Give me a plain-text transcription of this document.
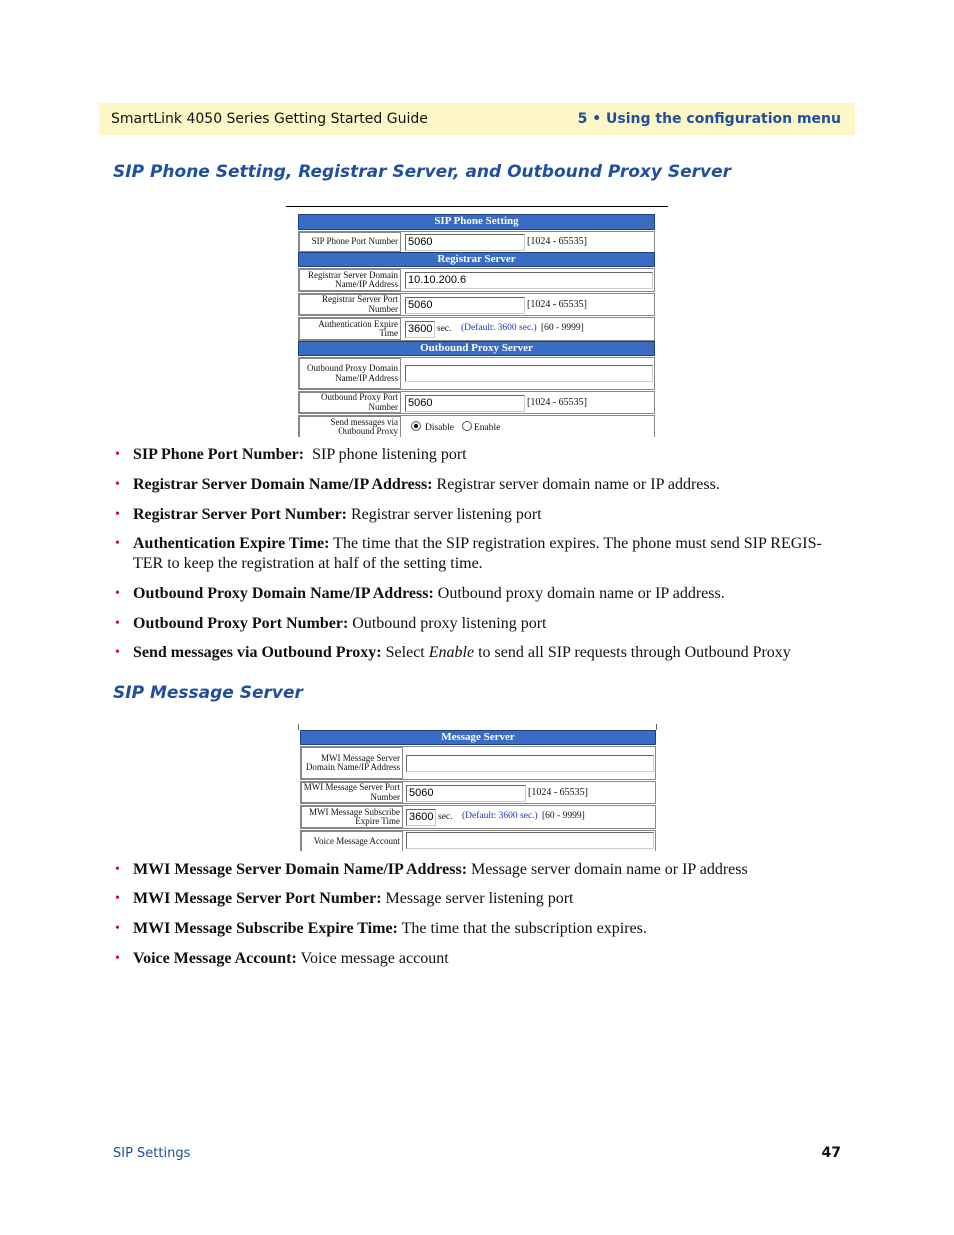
SmartLink 4050 Series Getting Started Guide	5 • Using the configuration menu
SIP Phone Setting, Registrar Server, and Outbound Proxy Server
SIP Phone Setting
SIP Phone Port Number 5060	[1024 - 65535]
Registrar Server
Registrar Server Domain Name/IP Address 10.10.200.6
Registrar Server Port Number 5060	[1024 - 65535]
Authentication Expire Time 3600 sec. (Default: 3600 sec.) [60 - 9999]
Outbound Proxy Server
Outbound Proxy Domain Name/IP Address
Outbound Proxy Port Number 5060	[1024 - 65535]
Send messages via Outbound Proxy	Disable Enable
• SIP Phone Port Number: SIP phone listening port
• Registrar Server Domain Name/IP Address: Registrar server domain name or IP address.
• Registrar Server Port Number: Registrar server listening port
• Authentication Expire Time: The time that the SIP registration expires. The phone must send SIP REGIS-TER to keep the registration at half of the setting time.
• Outbound Proxy Domain Name/IP Address: Outbound proxy domain name or IP address.
• Outbound Proxy Port Number: Outbound proxy listening port
• Send messages via Outbound Proxy: Select Enable to send all SIP requests through Outbound Proxy
SIP Message Server
Message Server
MWI Message Server Domain Name/IP Address
MWI Message Server Port Number 5060	[1024 - 65535]
MWI Message Subscribe Expire Time 3600 sec. (Default: 3600 sec.) [60 - 9999]
Voice Message Account
• MWI Message Server Domain Name/IP Address: Message server domain name or IP address
• MWI Message Server Port Number: Message server listening port
• MWI Message Subscribe Expire Time: The time that the subscription expires.
• Voice Message Account: Voice message account
SIP Settings	47
